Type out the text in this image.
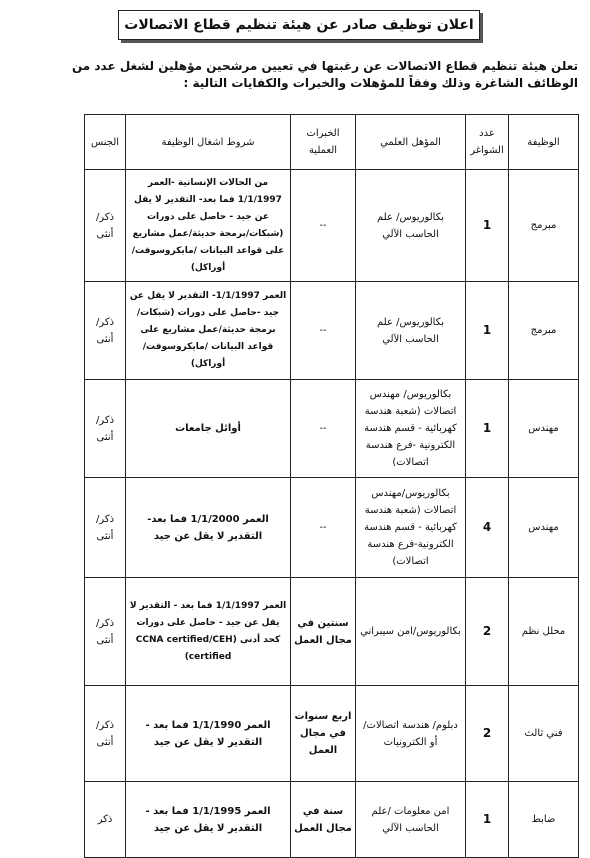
اعلان توظيف صادر عن هيئة تنظيم قطاع الاتصالات
تعلن هيئة تنظيم قطاع الاتصالات عن رغبتها في تعيين مرشحين مؤهلين لشغل عدد من الوظائف الشاغرة وذلك وفقاً للمؤهلات والخبرات والكفايات التالية :
الوظيفة	عدد الشواغر	المؤهل العلمي	الخبرات العملية	شروط اشغال الوظيفة	الجنس
مبرمج	1	بكالوريوس/ علم الحاسب الآلي	--	من الحالات الإنسانية -العمر 1/1/1997 فما بعد- التقدير لا يقل عن جيد - حاصل على دورات (شبكات/برمجة حديثة/عمل مشاريع على قواعد البيانات /مايكروسوفت/أوراكل)	ذكر/أنثى
مبرمج	1	بكالوريوس/ علم الحاسب الآلي	--	العمر 1/1/1997- التقدير لا يقل عن جيد -حاصل على دورات (شبكات/برمجة حديثة/عمل مشاريع على قواعد البيانات /مايكروسوفت/أوراكل)	ذكر/أنثى
مهندس	1	بكالوريوس/ مهندس اتصالات (شعبة هندسة كهربائية - قسم هندسة الكترونية -فرع هندسة اتصالات)	--	أوائل جامعات	ذكر/أنثى
مهندس	4	بكالوريوس/مهندس اتصالات (شعبة هندسة كهربائية - قسم هندسة الكترونية-فرع هندسة اتصالات)	--	العمر 1/1/2000 فما بعد- التقدير لا يقل عن جيد	ذكر/أنثى
محلل نظم	2	بكالوريوس/امن سيبراني	سنتين في مجال العمل	العمر 1/1/1997 فما بعد - التقدير لا يقل عن جيد - حاصل على دورات كحد أدنى CCNA certified/CEH) (certified	ذكر/أنثى
فني ثالث	2	دبلوم/ هندسة اتصالات/ أو الكترونيات	اربع سنوات في مجال العمل	العمر 1/1/1990 فما بعد - التقدير لا يقل عن جيد	ذكر/أنثى
ضابط	1	امن معلومات /علم الحاسب الآلي	سنة في مجال العمل	العمر 1/1/1995 فما بعد - التقدير لا يقل عن جيد	ذكر
